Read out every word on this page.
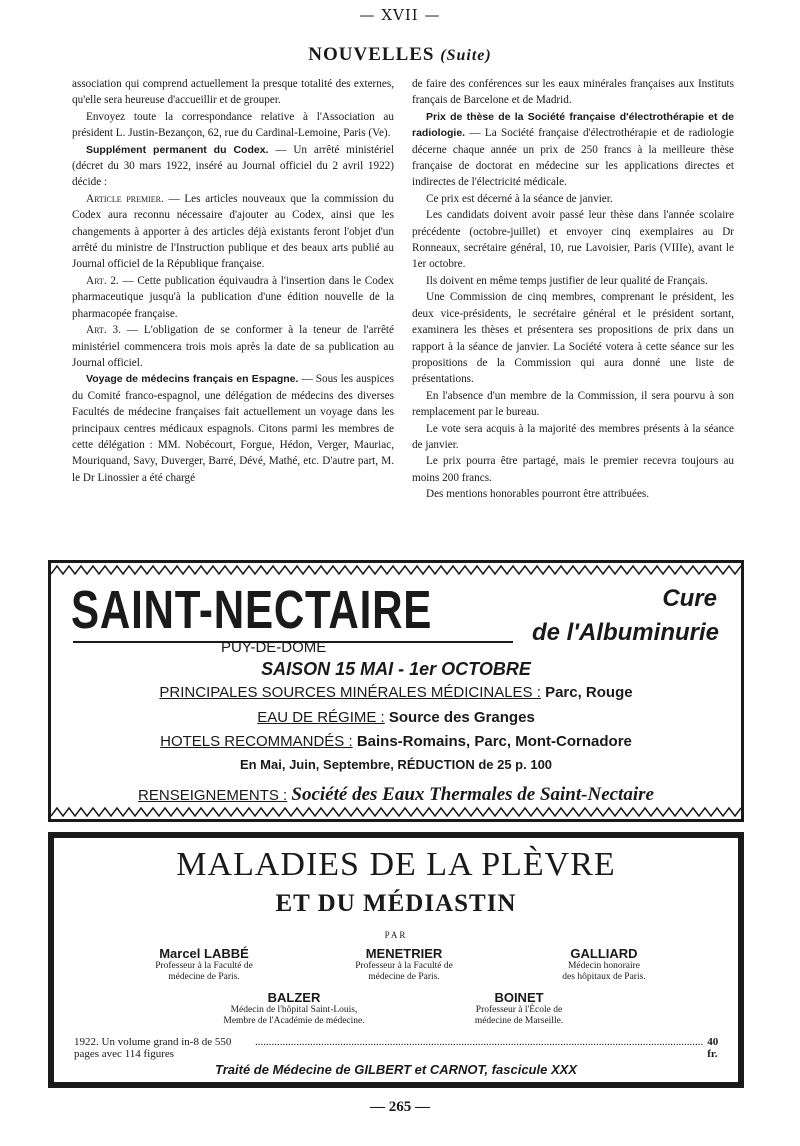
— XVII —
NOUVELLES (Suite)

association qui comprend actuellement la presque totalité des externes, qu'elle sera heureuse d'accueillir et de grouper.

Envoyez toute la correspondance relative à l'Association au président L. Justin-Bezançon, 62, rue du Cardinal-Lemoine, Paris (Ve).

Supplément permanent du Codex. — Un arrêté ministériel (décret du 30 mars 1922, inséré au Journal officiel du 2 avril 1922) décide :

Article premier. — Les articles nouveaux que la commission du Codex aura reconnu nécessaire d'ajouter au Codex, ainsi que les changements à apporter à des articles déjà existants feront l'objet d'un arrêté du ministre de l'Instruction publique et des beaux arts publié au Journal officiel de la République française.

Art. 2. — Cette publication équivaudra à l'insertion dans le Codex pharmaceutique jusqu'à la publication d'une édition nouvelle de la pharmacopée française.

Art. 3. — L'obligation de se conformer à la teneur de l'arrêté ministériel commencera trois mois après la date de sa publication au Journal officiel.

Voyage de médecins français en Espagne. — Sous les auspices du Comité franco-espagnol, une délégation de médecins des diverses Facultés de médecine françaises fait actuellement un voyage dans les principaux centres médicaux espagnols. Citons parmi les membres de cette délégation : MM. Nobécourt, Forgue, Hédon, Verger, Mauriac, Mouriquand, Savy, Duverger, Barré, Dévé, Mathé, etc. D'autre part, M. le Dr Linossier a été chargé

de faire des conférences sur les eaux minérales françaises aux Instituts français de Barcelone et de Madrid.

Prix de thèse de la Société française d'électrothérapie et de radiologie. — La Société française d'électrothérapie et de radiologie décerne chaque année un prix de 250 francs à la meilleure thèse française de doctorat en médecine sur les applications directes et indirectes de l'électricité médicale.

Ce prix est décerné à la séance de janvier.

Les candidats doivent avoir passé leur thèse dans l'année scolaire précédente (octobre-juillet) et envoyer cinq exemplaires au Dr Ronneaux, secrétaire général, 10, rue Lavoisier, Paris (VIIIe), avant le 1er octobre.

Ils doivent en même temps justifier de leur qualité de Français.

Une Commission de cinq membres, comprenant le président, les deux vice-présidents, le secrétaire général et le président sortant, examinera les thèses et présentera ses propositions de prix dans un rapport à la séance de janvier. La Société votera à cette séance sur les propositions de la Commission qui aura donné une liste de présentations.

En l'absence d'un membre de la Commission, il sera pourvu à son remplacement par le bureau.

Le vote sera acquis à la majorité des membres présents à la séance de janvier.

Le prix pourra être partagé, mais le premier recevra toujours au moins 200 francs.

Des mentions honorables pourront être attribuées.

SAINT-NECTAIRE
PUY-DE-DOME
Cure
de l'Albuminurie
SAISON 15 MAI - 1er OCTOBRE
PRINCIPALES SOURCES MINÉRALES MÉDICINALES : Parc, Rouge
EAU DE RÉGIME : Source des Granges
HOTELS RECOMMANDÉS : Bains-Romains, Parc, Mont-Cornadore
En Mai, Juin, Septembre, RÉDUCTION de 25 p. 100
RENSEIGNEMENTS : Société des Eaux Thermales de Saint-Nectaire
MALADIES DE LA PLÈVRE
ET DU MÉDIASTIN
PAR
Marcel LABBÉ
Professeur à la Faculté de
médecine de Paris.
MENETRIER
Professeur à la Faculté de
médecine de Paris.
GALLIARD
Médecin honoraire
des hôpitaux de Paris.
BALZER
Médecin de l'hôpital Saint-Louis,
Membre de l'Académie de médecine.
BOINET
Professeur à l'École de
médecine de Marseille.
1922. Un volume grand in-8 de 550 pages avec 114 figures
................................................................................................................................................................... 40 fr.
Traité de Médecine de GILBERT et CARNOT, fascicule XXX
— 265 —
